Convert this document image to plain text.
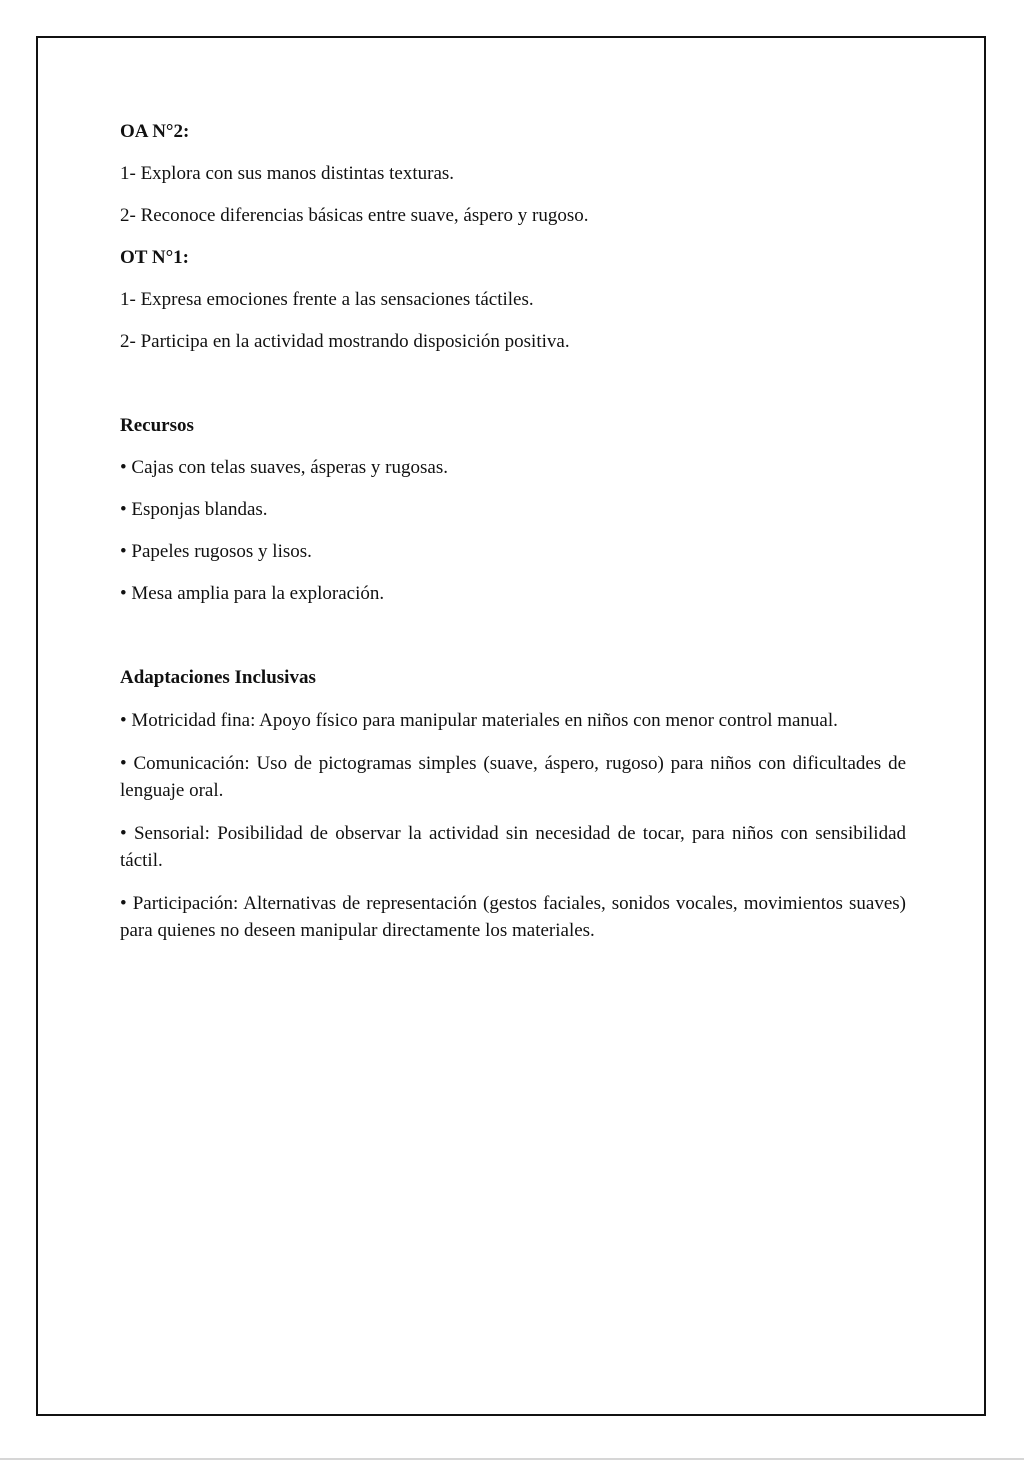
OA N°2:
1- Explora con sus manos distintas texturas.
2- Reconoce diferencias básicas entre suave, áspero y rugoso.
OT N°1:
1- Expresa emociones frente a las sensaciones táctiles.
2- Participa en la actividad mostrando disposición positiva.
Recursos
• Cajas con telas suaves, ásperas y rugosas.
• Esponjas blandas.
• Papeles rugosos y lisos.
• Mesa amplia para la exploración.
Adaptaciones Inclusivas
• Motricidad fina: Apoyo físico para manipular materiales en niños con menor control manual.
• Comunicación: Uso de pictogramas simples (suave, áspero, rugoso) para niños con dificultades de lenguaje oral.
• Sensorial: Posibilidad de observar la actividad sin necesidad de tocar, para niños con sensibilidad táctil.
• Participación: Alternativas de representación (gestos faciales, sonidos vocales, movimientos suaves) para quienes no deseen manipular directamente los materiales.
